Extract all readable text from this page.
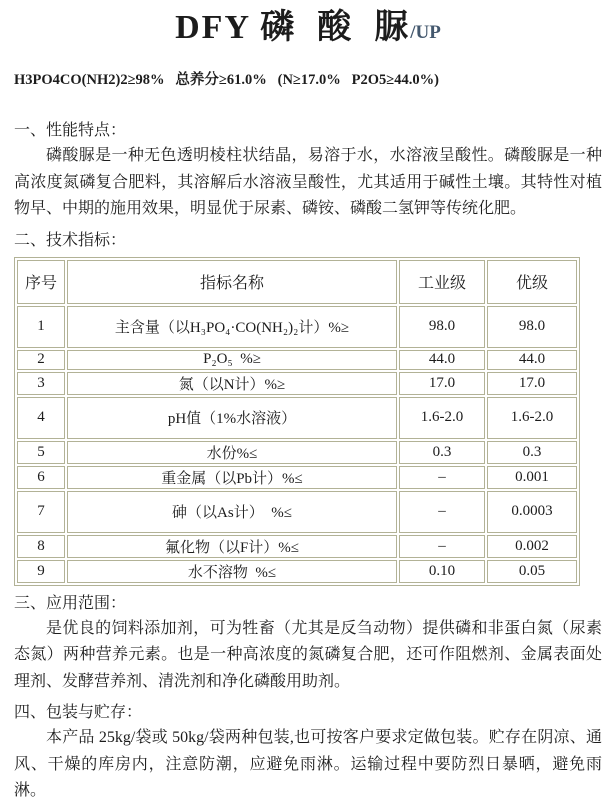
DFY 磷  酸  脲/UP
H3PO4CO(NH2)2≥98%   总养分≥61.0%   (N≥17.0%   P2O5≥44.0%)
一、性能特点：

磷酸脲是一种无色透明棱柱状结晶，易溶于水，水溶液呈酸性。磷酸脲是一种高浓度氮磷复合肥料，其溶解后水溶液呈酸性，尤其适用于碱性土壤。其特性对植物早、中期的施用效果，明显优于尿素、磷铵、磷酸二氢钾等传统化肥。

二、技术指标：
序号	指标名称	工业级	优级
1	主含量（以H₃PO₄·CO(NH₂)₂计）%≥	98.0	98.0
2	P₂O₅  %≥	44.0	44.0
3	氮（以N计）%≥	17.0	17.0
4	pH值（1%水溶液）	1.6-2.0	1.6-2.0
5	水份%≤	0.3	0.3
6	重金属（以Pb计）%≤	–	0.001
7	砷（以As计）  %≤	–	0.0003
8	氟化物（以F计）%≤	–	0.002
9	水不溶物  %≤	0.10	0.05
三、应用范围：

是优良的饲料添加剂，可为牲畜（尤其是反刍动物）提供磷和非蛋白氮（尿素态氮）两种营养元素。也是一种高浓度的氮磷复合肥，还可作阻燃剂、金属表面处理剂、发酵营养剂、清洗剂和净化磷酸用助剂。

四、包装与贮存：

本产品 25kg/袋或 50kg/袋两种包装,也可按客户要求定做包装。贮存在阴凉、通风、干燥的库房内，注意防潮，应避免雨淋。运输过程中要防烈日暴晒，避免雨淋。
